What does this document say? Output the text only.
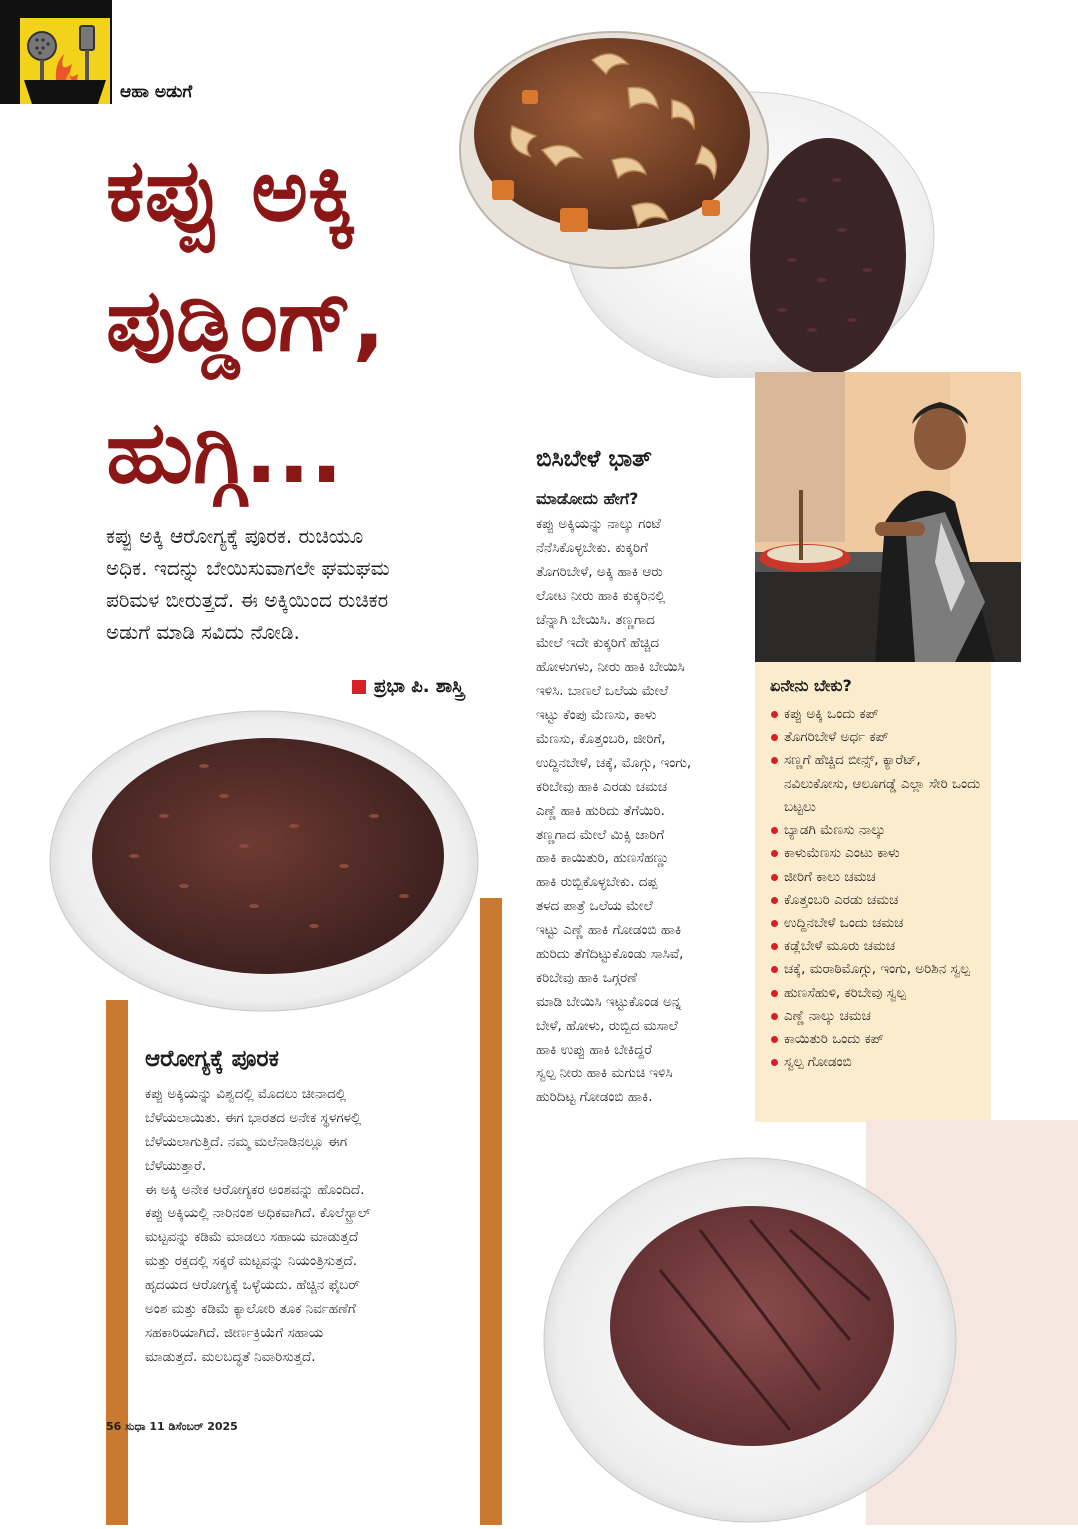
ಆಹಾ ಅಡುಗೆ
ಕಪ್ಪು ಅಕ್ಕಿ
ಪುಡ್ಡಿಂಗ್,
ಹುಗ್ಗಿ...

ಕಪ್ಪು ಅಕ್ಕಿ ಆರೋಗ್ಯಕ್ಕೆ ಪೂರಕ. ರುಚಿಯೂ

ಅಧಿಕ. ಇದನ್ನು ಬೇಯಿಸುವಾಗಲೇ ಘಮಘಮ

ಪರಿಮಳ ಬೀರುತ್ತದೆ. ಈ ಅಕ್ಕಿಯಿಂದ ರುಚಿಕರ

ಅಡುಗೆ ಮಾಡಿ ಸವಿದು ನೋಡಿ.

ಪ್ರಭಾ ಪಿ. ಶಾಸ್ತ್ರಿ
ಬಿಸಿಬೇಳೆ ಭಾತ್
ಮಾಡೋದು ಹೇಗೆ?

ಕಪ್ಪು ಅಕ್ಕಿಯನ್ನು ನಾಲ್ಕು ಗಂಟೆ

ನೆನೆಸಿಕೊಳ್ಳಬೇಕು. ಕುಕ್ಕರಿಗೆ

ತೊಗರಿಬೇಳೆ, ಅಕ್ಕಿ ಹಾಕಿ ಆರು

ಲೋಟ ನೀರು ಹಾಕಿ ಕುಕ್ಕರಿನಲ್ಲಿ

ಚೆನ್ನಾಗಿ ಬೇಯಿಸಿ. ತಣ್ಣಗಾದ

ಮೇಲೆ ಇದೇ ಕುಕ್ಕರಿಗೆ ಹೆಚ್ಚಿದ

ಹೋಳುಗಳು, ನೀರು ಹಾಕಿ ಬೇಯಿಸಿ

ಇಳಿಸಿ. ಬಾಣಲೆ ಒಲೆಯ ಮೇಲೆ

ಇಟ್ಟು ಕೆಂಪು ಮೆಣಸು, ಕಾಳು

ಮೆಣಸು, ಕೊತ್ತಂಬರಿ, ಜೀರಿಗೆ,

ಉದ್ದಿನಬೇಳೆ, ಚಕ್ಕೆ, ಮೊಗ್ಗು, ಇಂಗು,

ಕರಿಬೇವು ಹಾಕಿ ಎರಡು ಚಮಚ

ಎಣ್ಣೆ ಹಾಕಿ ಹುರಿದು ತೆಗೆಯಿರಿ.

ತಣ್ಣಗಾದ ಮೇಲೆ ಮಿಕ್ಸಿ ಜಾರಿಗೆ

ಹಾಕಿ ಕಾಯಿತುರಿ, ಹುಣಸೆಹಣ್ಣು

ಹಾಕಿ ರುಬ್ಬಿಕೊಳ್ಳಬೇಕು. ದಪ್ಪ

ತಳದ ಪಾತ್ರೆ ಒಲೆಯ ಮೇಲೆ

ಇಟ್ಟು ಎಣ್ಣೆ ಹಾಕಿ ಗೋಡಂಬಿ ಹಾಕಿ

ಹುರಿದು ತೆಗೆದಿಟ್ಟುಕೊಂಡು ಸಾಸಿವೆ,

ಕರಿಬೇವು ಹಾಕಿ ಒಗ್ಗರಣೆ

ಮಾಡಿ ಬೇಯಿಸಿ ಇಟ್ಟುಕೊಂಡ ಅನ್ನ

ಬೇಳೆ, ಹೋಳು, ರುಬ್ಬಿದ ಮಸಾಲೆ

ಹಾಕಿ ಉಪ್ಪು ಹಾಕಿ ಬೇಕಿದ್ದರೆ

ಸ್ವಲ್ಪ ನೀರು ಹಾಕಿ ಮಗುಚಿ ಇಳಿಸಿ

ಹುರಿದಿಟ್ಟ ಗೋಡಂಬಿ ಹಾಕಿ.

ಆರೋಗ್ಯಕ್ಕೆ ಪೂರಕ

ಕಪ್ಪು ಅಕ್ಕಿಯನ್ನು ವಿಶ್ವದಲ್ಲಿ ಮೊದಲು ಚೀನಾದಲ್ಲಿ

ಬೆಳೆಯಲಾಯಿತು. ಈಗ ಭಾರತದ ಅನೇಕ ಸ್ಥಳಗಳಲ್ಲಿ

ಬೆಳೆಯಲಾಗುತ್ತಿದೆ. ನಮ್ಮ ಮಲೆನಾಡಿನಲ್ಲೂ ಈಗ

ಬೆಳೆಯುತ್ತಾರೆ.

ಈ ಅಕ್ಕಿ ಅನೇಕ ಆರೋಗ್ಯಕರ ಅಂಶವನ್ನು ಹೊಂದಿದೆ.

ಕಪ್ಪು ಅಕ್ಕಿಯಲ್ಲಿ ನಾರಿನಂಶ ಅಧಿಕವಾಗಿದೆ. ಕೊಲೆಸ್ಟ್ರಾಲ್

ಮಟ್ಟವನ್ನು ಕಡಿಮೆ ಮಾಡಲು ಸಹಾಯ ಮಾಡುತ್ತದೆ

ಮತ್ತು ರಕ್ತದಲ್ಲಿ ಸಕ್ಕರೆ ಮಟ್ಟವನ್ನು ನಿಯಂತ್ರಿಸುತ್ತದೆ.

ಹೃದಯದ ಆರೋಗ್ಯಕ್ಕೆ ಒಳ್ಳೆಯದು. ಹೆಚ್ಚಿನ ಫೈಬರ್

ಅಂಶ ಮತ್ತು ಕಡಿಮೆ ಕ್ಯಾಲೋರಿ ತೂಕ ನಿರ್ವಹಣೆಗೆ

ಸಹಕಾರಿಯಾಗಿದೆ. ಜೀರ್ಣಕ್ರಿಯೆಗೆ ಸಹಾಯ

ಮಾಡುತ್ತದೆ. ಮಲಬದ್ಧತೆ ನಿವಾರಿಸುತ್ತದೆ.

ಏನೇನು ಬೇಕು?
ಕಪ್ಪು ಅಕ್ಕಿ ಒಂದು ಕಪ್
ತೊಗರಿಬೇಳೆ ಅರ್ಧ ಕಪ್
ಸಣ್ಣಗೆ ಹೆಚ್ಚಿದ ಬೀನ್ಸ್, ಕ್ಯಾರೆಟ್, ನವಿಲುಕೋಸು, ಆಲೂಗಡ್ಡೆ ಎಲ್ಲಾ ಸೇರಿ ಒಂದು ಬಟ್ಟಲು
ಬ್ಯಾಡಗಿ ಮೆಣಸು ನಾಲ್ಕು
ಕಾಳುಮೆಣಸು ಎಂಟು ಕಾಳು
ಜೀರಿಗೆ ಕಾಲು ಚಮಚ
ಕೊತ್ತಂಬರಿ ಎರಡು ಚಮಚ
ಉದ್ದಿನಬೇಳೆ ಒಂದು ಚಮಚ
ಕಡ್ಲೆಬೇಳೆ ಮೂರು ಚಮಚ
ಚಕ್ಕೆ, ಮರಾಠಿಮೊಗ್ಗು, ಇಂಗು, ಅರಿಶಿನ ಸ್ವಲ್ಪ
ಹುಣಸೆಹುಳಿ, ಕರಿಬೇವು ಸ್ವಲ್ಪ
ಎಣ್ಣೆ ನಾಲ್ಕು ಚಮಚ
ಕಾಯಿತುರಿ ಒಂದು ಕಪ್
ಸ್ವಲ್ಪ ಗೋಡಂಬಿ
56 ಸುಧಾ 11 ಡಿಸೆಂಬರ್ 2025
